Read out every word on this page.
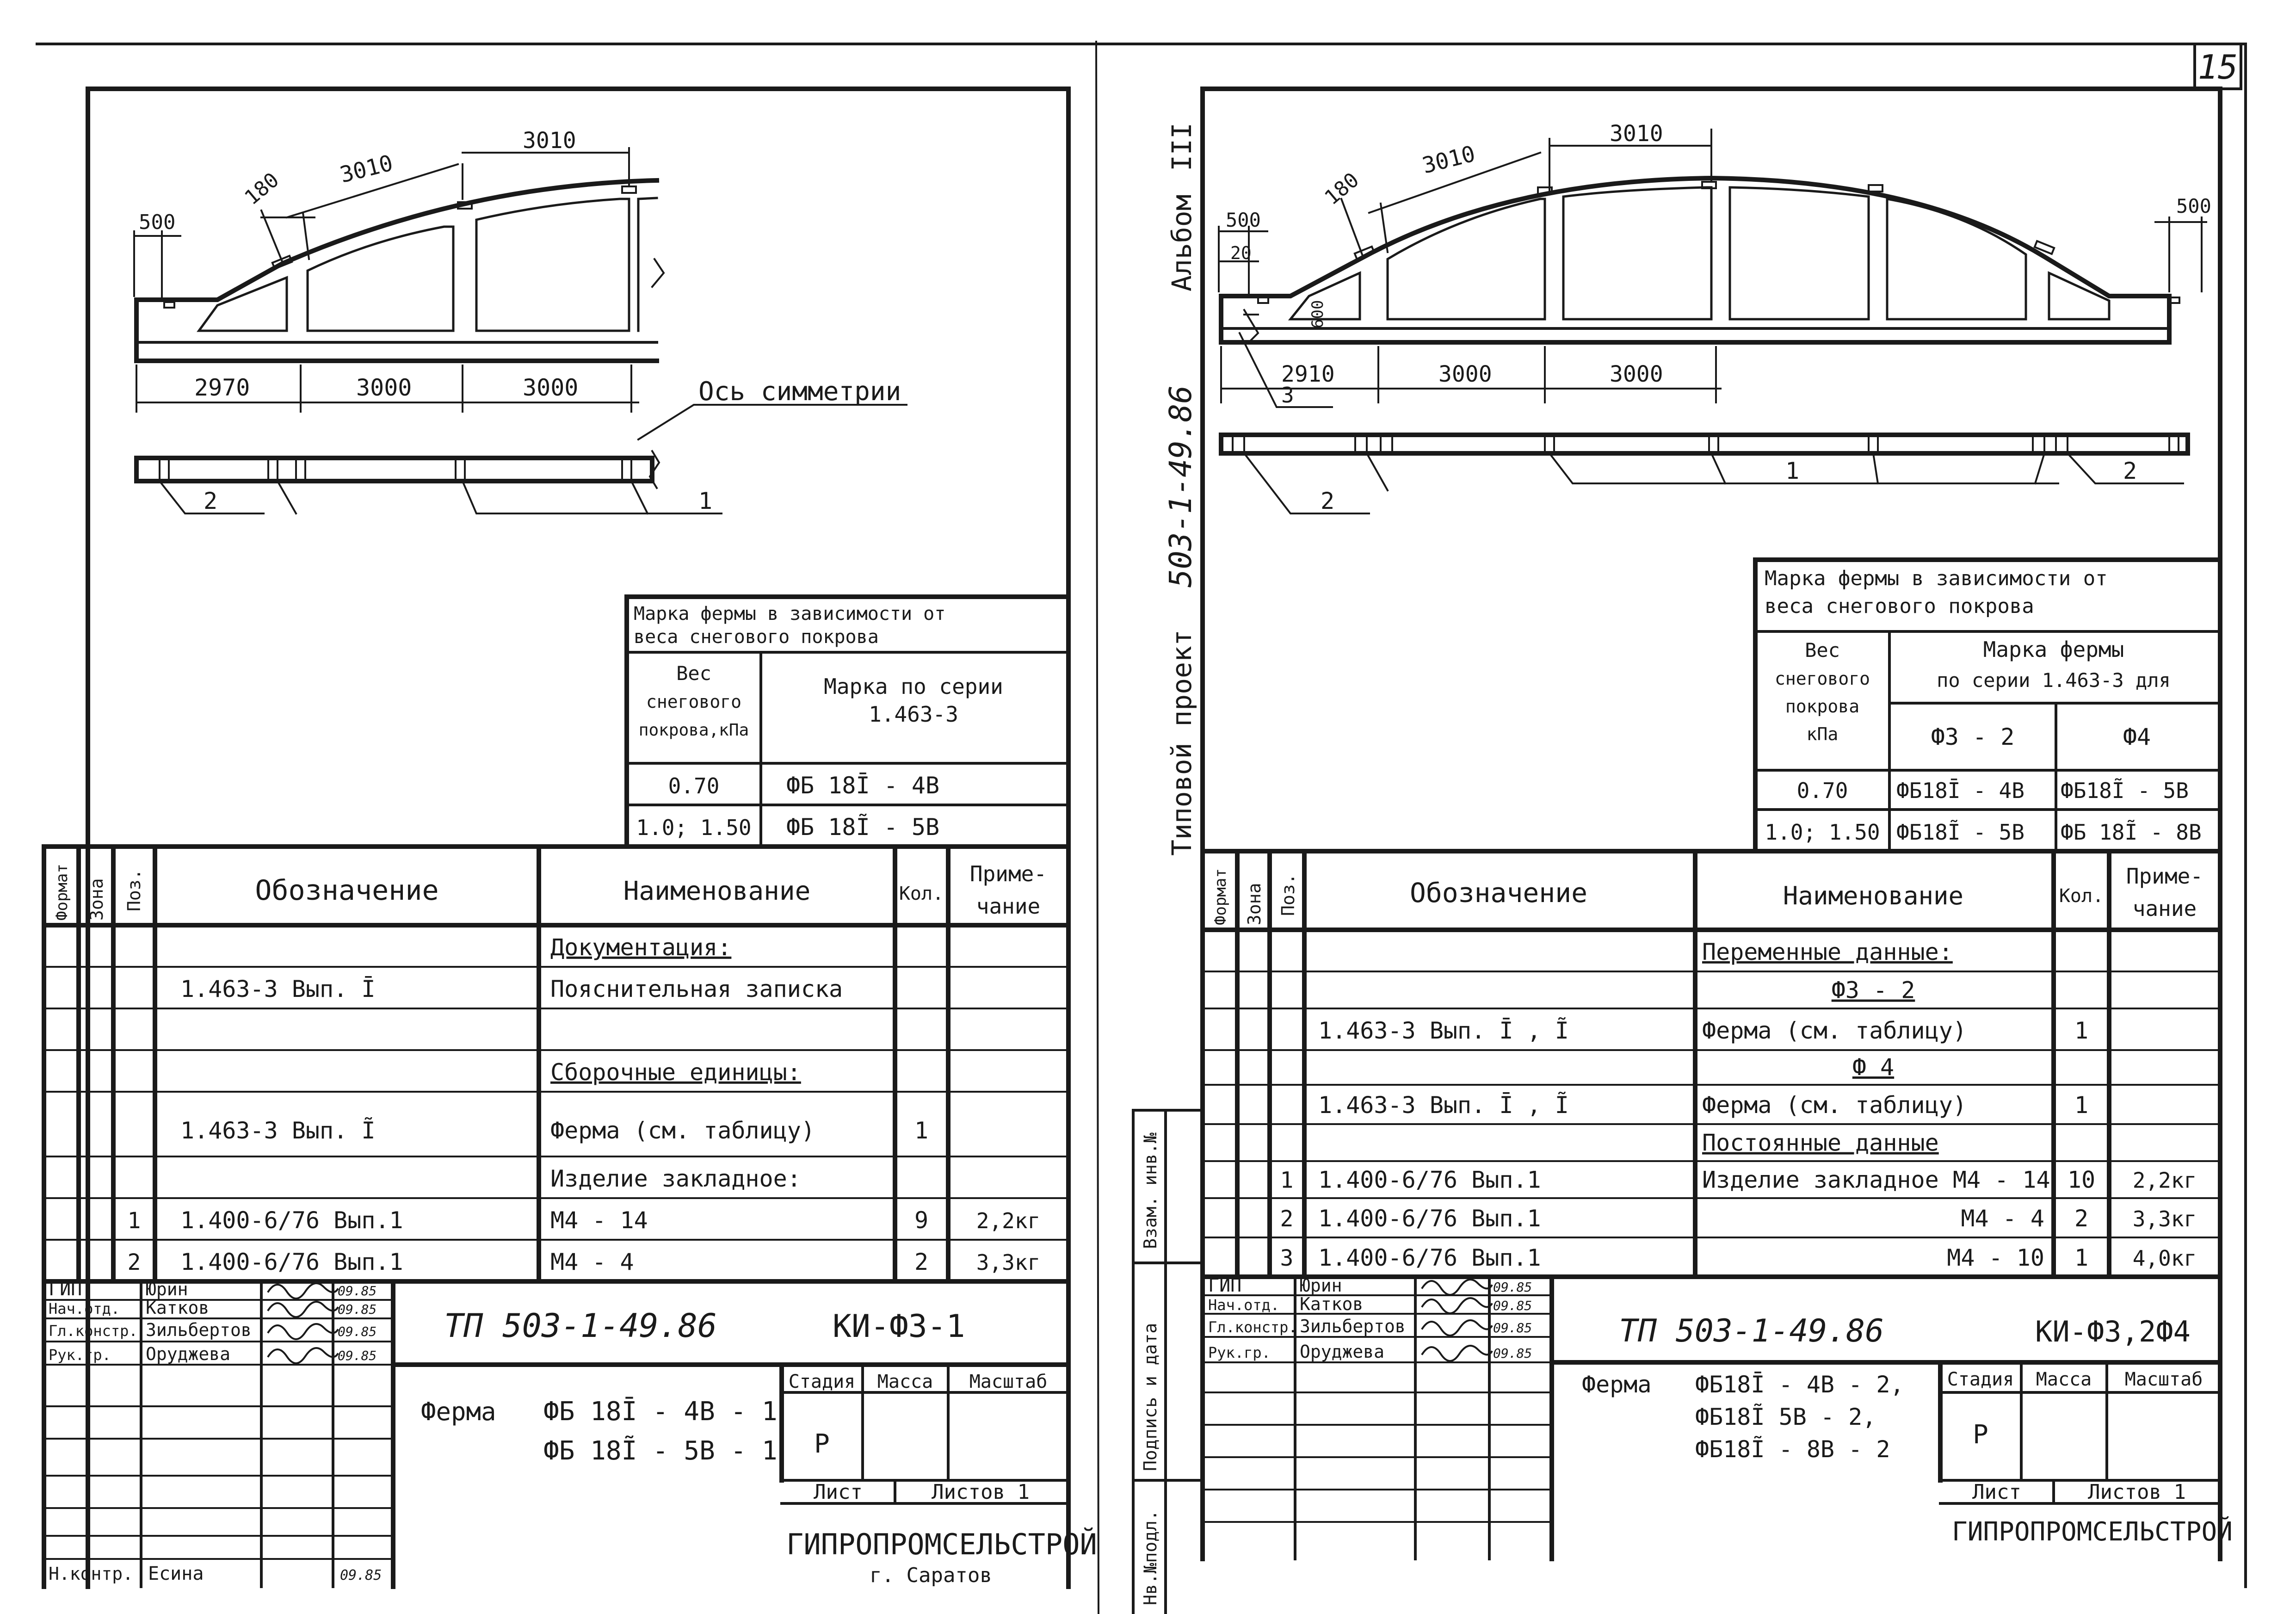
15
Типовой проект
503-1-49.86
Альбом
III
500
180 3010
3010
2970	3000	3000	Ось симметрии
2	1
Марка фермы в зависимости от
веса снегового покрова
Вес
снегового
покрова,кПа
Марка по серии
1.463-3
0.70	ФБ 18Ī - 4В
1.0; 1.50 ФБ 18Ĩ - 5В
Формат Зона Поз.	Обозначение	Наименование	Кол.
Приме-
чание
Документация:
1.463-3 Вып. Ī	Пояснительная записка
Сборочные единицы:
1.463-3 Вып. Ĩ	Ферма (см. таблицу)	1
Изделие закладное:
1 1.400-6/76 Вып.1	М4 - 14	9 2,2кг
2 1.400-6/76 Вып.1	М4 - 4	2 3,3кг
ГИП	Юрин	09.85
Нач.отд. Катков	09.85
Гл.констр. Зильбертов	09.85
Рук.гр. Оруджева	09.85
Н.контр. Есина	09.85
ТП 503-1-49.86	КИ-Ф3-1
Ферма ФБ 18Ī - 4В - 1
ФБ 18Ĩ - 5В - 1
Стадия Масса Масштаб
Р
Лист	Листов 1
ГИПРОПРОМСЕЛЬСТРОЙ
г. Саратов
500
20
180
3010
3010
500
600
2910	3000	3000
3
2
1	2
Марка фермы в зависимости от
веса снегового покрова
Вес
снегового
покрова
кПа
Марка фермы
по серии 1.463-3 для
Ф3 - 2	Ф4
0.70 ФБ18Ī - 4В ФБ18Ĩ - 5В
1.0; 1.50 ФБ18Ĩ - 5В ФБ 18Ĩ - 8В
Формат Зона Поз.	Обозначение	Наименование	Кол.
Приме-
чание
Переменные данные:
Ф3 - 2
1.463-3 Вып. Ī , Ĩ	Ферма (см. таблицу)	1
Ф 4
1.463-3 Вып. Ī , Ĩ	Ферма (см. таблицу)	1
Постоянные данные
1 1.400-6/76 Вып.1	Изделие закладное М4 - 14 10 2,2кг
2 1.400-6/76 Вып.1	М4 - 4 2 3,3кг
3 1.400-6/76 Вып.1	М4 - 10 1 4,0кг
Взам. инв.№
Подпись и дата
Нв.№подл.
ГИП	Юрин	09.85
Нач.отд. Катков	09.85
Гл.констр. Зильбертов	09.85
Рук.гр. Оруджева	09.85
ТП 503-1-49.86	КИ-Ф3,2Ф4
Ферма ФБ18Ī - 4В - 2,
ФБ18Ĩ 5В - 2,
ФБ18Ĩ - 8В - 2
Стадия Масса Масштаб
Р
Лист	Листов 1
ГИПРОПРОМСЕЛЬСТРОЙ
